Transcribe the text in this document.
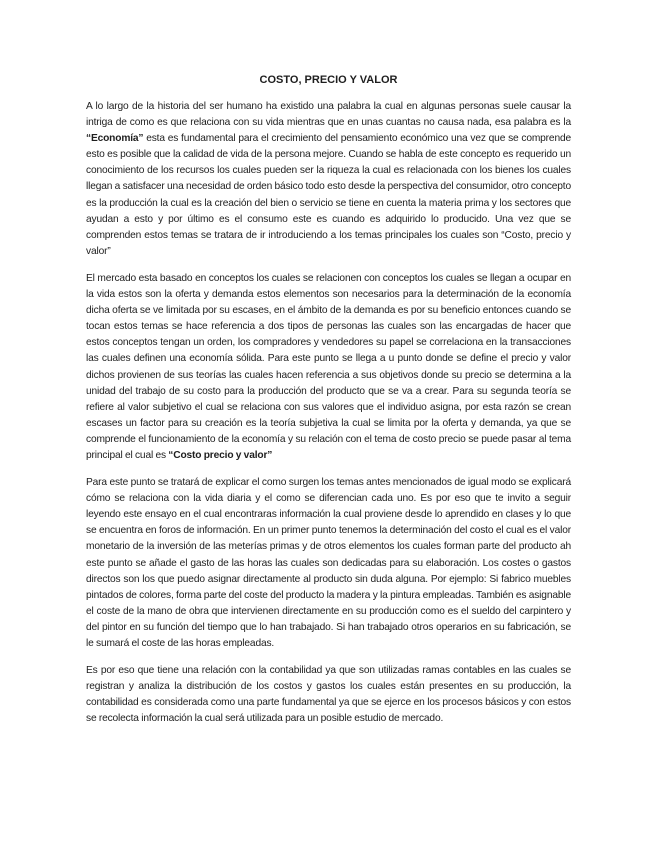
COSTO, PRECIO Y VALOR

A lo largo de la historia del ser humano ha existido una palabra la cual en algunas personas suele causar la intriga de como es que relaciona con su vida mientras que en unas cuantas no causa nada, esa palabra es la “Economía” esta es fundamental para el crecimiento del pensamiento económico una vez que se comprende esto es posible que la calidad de vida de la persona mejore. Cuando se habla de este concepto es requerido un conocimiento de los recursos los cuales pueden ser la riqueza la cual es relacionada con los bienes los cuales llegan a satisfacer una necesidad de orden básico todo esto desde la perspectiva del consumidor, otro concepto es la producción la cual es la creación del bien o servicio se tiene en cuenta la materia prima y los sectores que ayudan a esto y por último es el consumo este es cuando es adquirido lo producido. Una vez que se comprenden estos temas se tratara de ir introduciendo a los temas principales los cuales son “Costo, precio y valor”

El mercado esta basado en conceptos los cuales se relacionen con conceptos los cuales se llegan a ocupar en la vida estos son la oferta y demanda estos elementos son necesarios para la determinación de la economía dicha oferta se ve limitada por su escases, en el ámbito de la demanda es por su beneficio entonces cuando se tocan estos temas se hace referencia a dos tipos de personas las cuales son las encargadas de hacer que estos conceptos tengan un orden, los compradores y vendedores su papel se correlaciona en la transacciones las cuales definen una economía sólida. Para este punto se llega a u punto donde se define el precio y valor dichos provienen de sus teorías las cuales hacen referencia a sus objetivos donde su precio se determina a la unidad del trabajo de su costo para la producción del producto que se va a crear. Para su segunda teoría se refiere al valor subjetivo el cual se relaciona con sus valores que el individuo asigna, por esta razón se crean escases un factor para su creación es la teoría subjetiva la cual se limita por la oferta y demanda, ya que se comprende el funcionamiento de la economía y su relación con el tema de costo precio se puede pasar al tema principal el cual es “Costo precio y valor”

Para este punto se tratará de explicar el como surgen los temas antes mencionados de igual modo se explicará cómo se relaciona con la vida diaria y el como se diferencian cada uno. Es por eso que te invito a seguir leyendo este ensayo en el cual encontraras información la cual proviene desde lo aprendido en clases y lo que se encuentra en foros de información. En un primer punto tenemos la determinación del costo el cual es el valor monetario de la inversión de las meterías primas y de otros elementos los cuales forman parte del producto ah este punto se añade el gasto de las horas las cuales son dedicadas para su elaboración. Los costes o gastos directos son los que puedo asignar directamente al producto sin duda alguna. Por ejemplo: Si fabrico muebles pintados de colores, forma parte del coste del producto la madera y la pintura empleadas. También es asignable el coste de la mano de obra que intervienen directamente en su producción como es el sueldo del carpintero y del pintor en su función del tiempo que lo han trabajado. Si han trabajado otros operarios en su fabricación, se le sumará el coste de las horas empleadas.

Es por eso que tiene una relación con la contabilidad ya que son utilizadas ramas contables en las cuales se registran y analiza la distribución de los costos y gastos los cuales están presentes en su producción, la contabilidad es considerada como una parte fundamental ya que se ejerce en los procesos básicos y con estos se recolecta información la cual será utilizada para un posible estudio de mercado.
